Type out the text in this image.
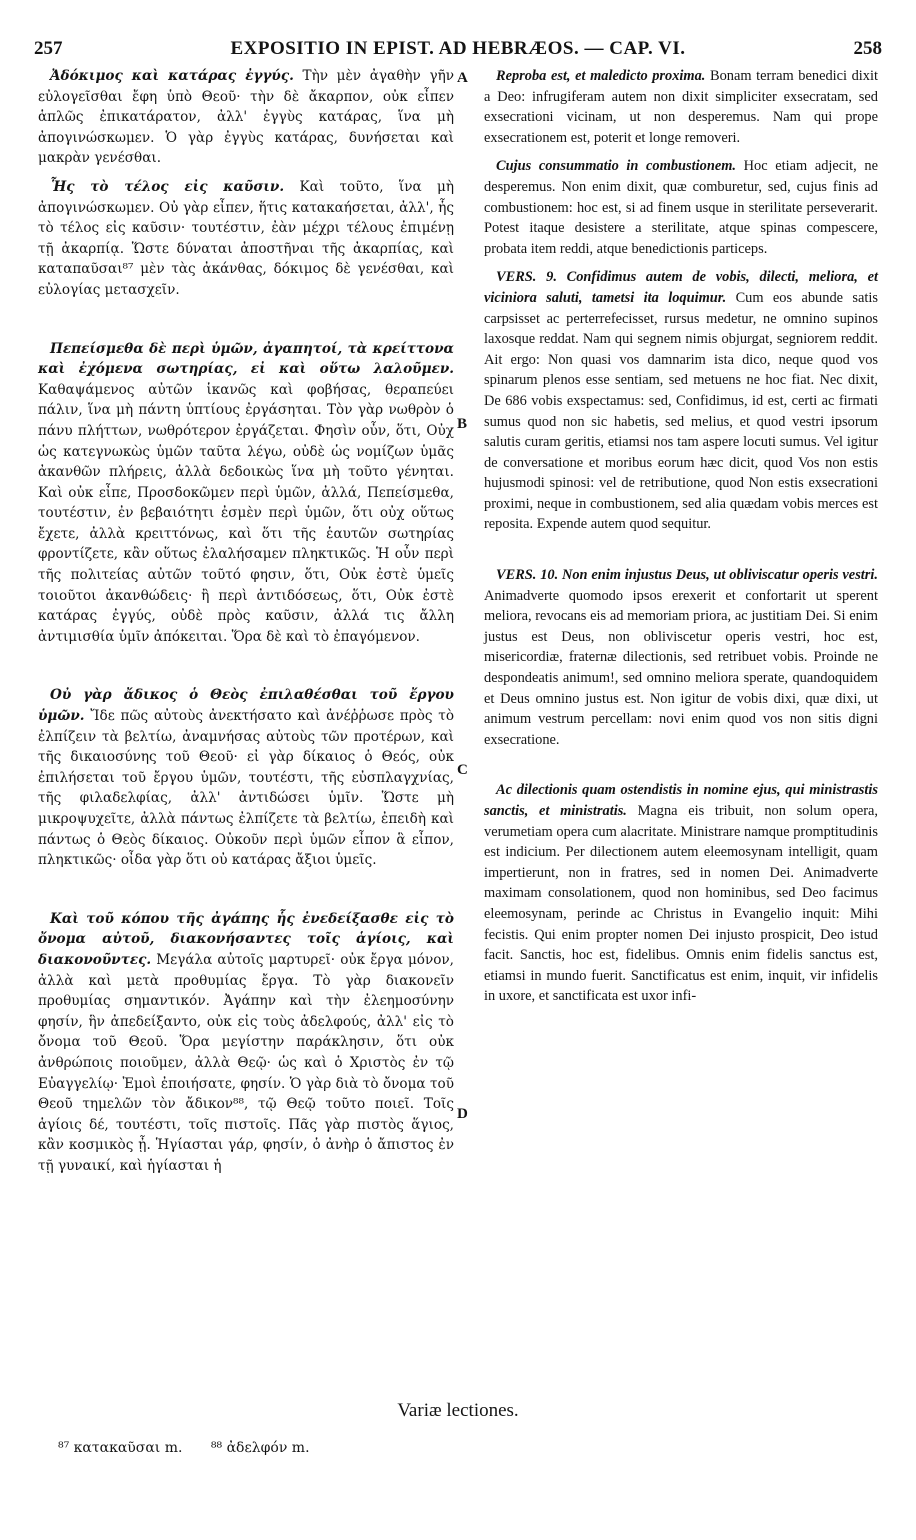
257	EXPOSITIO IN EPIST. AD HEBRÆOS. — CAP. VI.	258

Ἀδόκιμος καὶ κατάρας ἐγγύς. Τὴν μὲν ἀγαθὴν γῆν εὐλογεῖσθαι ἔφη ὑπὸ Θεοῦ· τὴν δὲ ἄκαρπον, οὐκ εἶπεν ἁπλῶς ἐπικατάρατον, ἀλλ' ἐγγὺς κατάρας, ἵνα μὴ ἀπογινώσκωμεν. Ὁ γὰρ ἐγγὺς κατάρας, δυνήσεται καὶ μακρὰν γενέσθαι.

Ἧς τὸ τέλος εἰς καῦσιν. Καὶ τοῦτο, ἵνα μὴ ἀπογινώσκωμεν. Οὐ γὰρ εἶπεν, ἥτις κατακαήσεται, ἀλλ', ἧς τὸ τέλος εἰς καῦσιν· τουτέστιν, ἐὰν μέχρι τέλους ἐπιμένῃ τῇ ἀκαρπίᾳ. Ὥστε δύναται ἀποστῆναι τῆς ἀκαρπίας, καὶ καταπαῦσαι⁸⁷ μὲν τὰς ἀκάνθας, δόκιμος δὲ γενέσθαι, καὶ εὐλογίας μετασχεῖν.

Πεπείσμεθα δὲ περὶ ὑμῶν, ἀγαπητοί, τὰ κρείττονα καὶ ἐχόμενα σωτηρίας, εἰ καὶ οὕτω λαλοῦμεν. Καθαψάμενος αὐτῶν ἱκανῶς καὶ φοβήσας, θεραπεύει πάλιν, ἵνα μὴ πάντη ὑπτίους ἐργάσηται. Τὸν γὰρ νωθρὸν ὁ πάνυ πλήττων, νωθρότερον ἐργάζεται. Φησὶν οὖν, ὅτι, Οὐχ ὡς κατεγνωκὼς ὑμῶν ταῦτα λέγω, οὐδὲ ὡς νομίζων ὑμᾶς ἀκανθῶν πλήρεις, ἀλλὰ δεδοικὼς ἵνα μὴ τοῦτο γένηται. Καὶ οὐκ εἶπε, Προσδοκῶμεν περὶ ὑμῶν, ἀλλά, Πεπείσμεθα, τουτέστιν, ἐν βεβαιότητι ἐσμὲν περὶ ὑμῶν, ὅτι οὐχ οὕτως ἔχετε, ἀλλὰ κρειττόνως, καὶ ὅτι τῆς ἑαυτῶν σωτηρίας φροντίζετε, κἂν οὕτως ἐλαλήσαμεν πληκτικῶς. Ἡ οὖν περὶ τῆς πολιτείας αὐτῶν τοῦτό φησιν, ὅτι, Οὐκ ἐστὲ ὑμεῖς τοιοῦτοι ἀκανθώδεις· ἢ περὶ ἀντιδόσεως, ὅτι, Οὐκ ἐστὲ κατάρας ἐγγύς, οὐδὲ πρὸς καῦσιν, ἀλλά τις ἄλλη ἀντιμισθία ὑμῖν ἀπόκειται. Ὅρα δὲ καὶ τὸ ἐπαγόμενον.

Οὐ γὰρ ἄδικος ὁ Θεὸς ἐπιλαθέσθαι τοῦ ἔργου ὑμῶν. Ἴδε πῶς αὐτοὺς ἀνεκτήσατο καὶ ἀνέῤῥωσε πρὸς τὸ ἐλπίζειν τὰ βελτίω, ἀναμνήσας αὐτοὺς τῶν προτέρων, καὶ τῆς δικαιοσύνης τοῦ Θεοῦ· εἰ γὰρ δίκαιος ὁ Θεός, οὐκ ἐπιλήσεται τοῦ ἔργου ὑμῶν, τουτέστι, τῆς εὐσπλαγχνίας, τῆς φιλαδελφίας, ἀλλ' ἀντιδώσει ὑμῖν. Ὥστε μὴ μικροψυχεῖτε, ἀλλὰ πάντως ἐλπίζετε τὰ βελτίω, ἐπειδὴ καὶ πάντως ὁ Θεὸς δίκαιος. Οὐκοῦν περὶ ὑμῶν εἶπον ἃ εἶπον, πληκτικῶς· οἶδα γὰρ ὅτι οὐ κατάρας ἄξιοι ὑμεῖς.

Καὶ τοῦ κόπου τῆς ἀγάπης ἧς ἐνεδείξασθε εἰς τὸ ὄνομα αὐτοῦ, διακονήσαντες τοῖς ἁγίοις, καὶ διακονοῦντες. Μεγάλα αὐτοῖς μαρτυρεῖ· οὐκ ἔργα μόνον, ἀλλὰ καὶ μετὰ προθυμίας ἔργα. Τὸ γὰρ διακονεῖν προθυμίας σημαντικόν. Ἀγάπην καὶ τὴν ἐλεημοσύνην φησίν, ἣν ἀπεδείξαντο, οὐκ εἰς τοὺς ἀδελφούς, ἀλλ' εἰς τὸ ὄνομα τοῦ Θεοῦ. Ὅρα μεγίστην παράκλησιν, ὅτι οὐκ ἀνθρώποις ποιοῦμεν, ἀλλὰ Θεῷ· ὡς καὶ ὁ Χριστὸς ἐν τῷ Εὐαγγελίῳ· Ἐμοὶ ἐποιήσατε, φησίν. Ὁ γὰρ διὰ τὸ ὄνομα τοῦ Θεοῦ τημελῶν τὸν ἄδικον⁸⁸, τῷ Θεῷ τοῦτο ποιεῖ. Τοῖς ἁγίοις δέ, τουτέστι, τοῖς πιστοῖς. Πᾶς γὰρ πιστὸς ἅγιος, κἂν κοσμικὸς ᾖ. Ἡγίασται γάρ, φησίν, ὁ ἀνὴρ ὁ ἄπιστος ἐν τῇ γυναικί, καὶ ἡγίασται ἡ

A
B
C
D

Reproba est, et maledicto proxima. Bonam terram benedici dixit a Deo: infrugiferam autem non dixit simpliciter exsecratam, sed exsecrationi vicinam, ut non desperemus. Nam qui prope exsecrationem est, poterit et longe removeri.

Cujus consummatio in combustionem. Hoc etiam adjecit, ne desperemus. Non enim dixit, quæ comburetur, sed, cujus finis ad combustionem: hoc est, si ad finem usque in sterilitate perseverarit. Potest itaque desistere a sterilitate, atque spinas compescere, probata item reddi, atque benedictionis particeps.

VERS. 9. Confidimus autem de vobis, dilecti, meliora, et viciniora saluti, tametsi ita loquimur. Cum eos abunde satis carpsisset ac perterrefecisset, rursus medetur, ne omnino supinos laxosque reddat. Nam qui segnem nimis objurgat, segniorem reddit. Ait ergo: Non quasi vos damnarim ista dico, neque quod vos spinarum plenos esse sentiam, sed metuens ne hoc fiat. Nec dixit, De 686 vobis exspectamus: sed, Confidimus, id est, certi ac firmati sumus quod non sic habetis, sed melius, et quod vestri ipsorum salutis curam geritis, etiamsi nos tam aspere locuti sumus. Vel igitur de conversatione et moribus eorum hæc dicit, quod Vos non estis hujusmodi spinosi: vel de retributione, quod Non estis exsecrationi proximi, neque in combustionem, sed alia quædam vobis merces est reposita. Expende autem quod sequitur.

VERS. 10. Non enim injustus Deus, ut obliviscatur operis vestri. Animadverte quomodo ipsos erexerit et confortarit ut sperent meliora, revocans eis ad memoriam priora, ac justitiam Dei. Si enim justus est Deus, non obliviscetur operis vestri, hoc est, misericordiæ, fraternæ dilectionis, sed retribuet vobis. Proinde ne despondeatis animum!, sed omnino meliora sperate, quandoquidem et Deus omnino justus est. Non igitur de vobis dixi, quæ dixi, ut animum vestrum percellam: novi enim quod vos non sitis digni exsecratione.

Ac dilectionis quam ostendistis in nomine ejus, qui ministrastis sanctis, et ministratis. Magna eis tribuit, non solum opera, verumetiam opera cum alacritate. Ministrare namque promptitudinis est indicium. Per dilectionem autem eleemosynam intelligit, quam impertierunt, non in fratres, sed in nomen Dei. Animadverte maximam consolationem, quod non hominibus, sed Deo facimus eleemosynam, perinde ac Christus in Evangelio inquit: Mihi fecistis. Qui enim propter nomen Dei injusto prospicit, Deo istud facit. Sanctis, hoc est, fidelibus. Omnis enim fidelis sanctus est, etiamsi in mundo fuerit. Sanctificatus est enim, inquit, vir infidelis in uxore, et sanctificata est uxor infi-

Variæ lectiones.
⁸⁷ κατακαῦσαι m. ⁸⁸ ἀδελφόν m.
